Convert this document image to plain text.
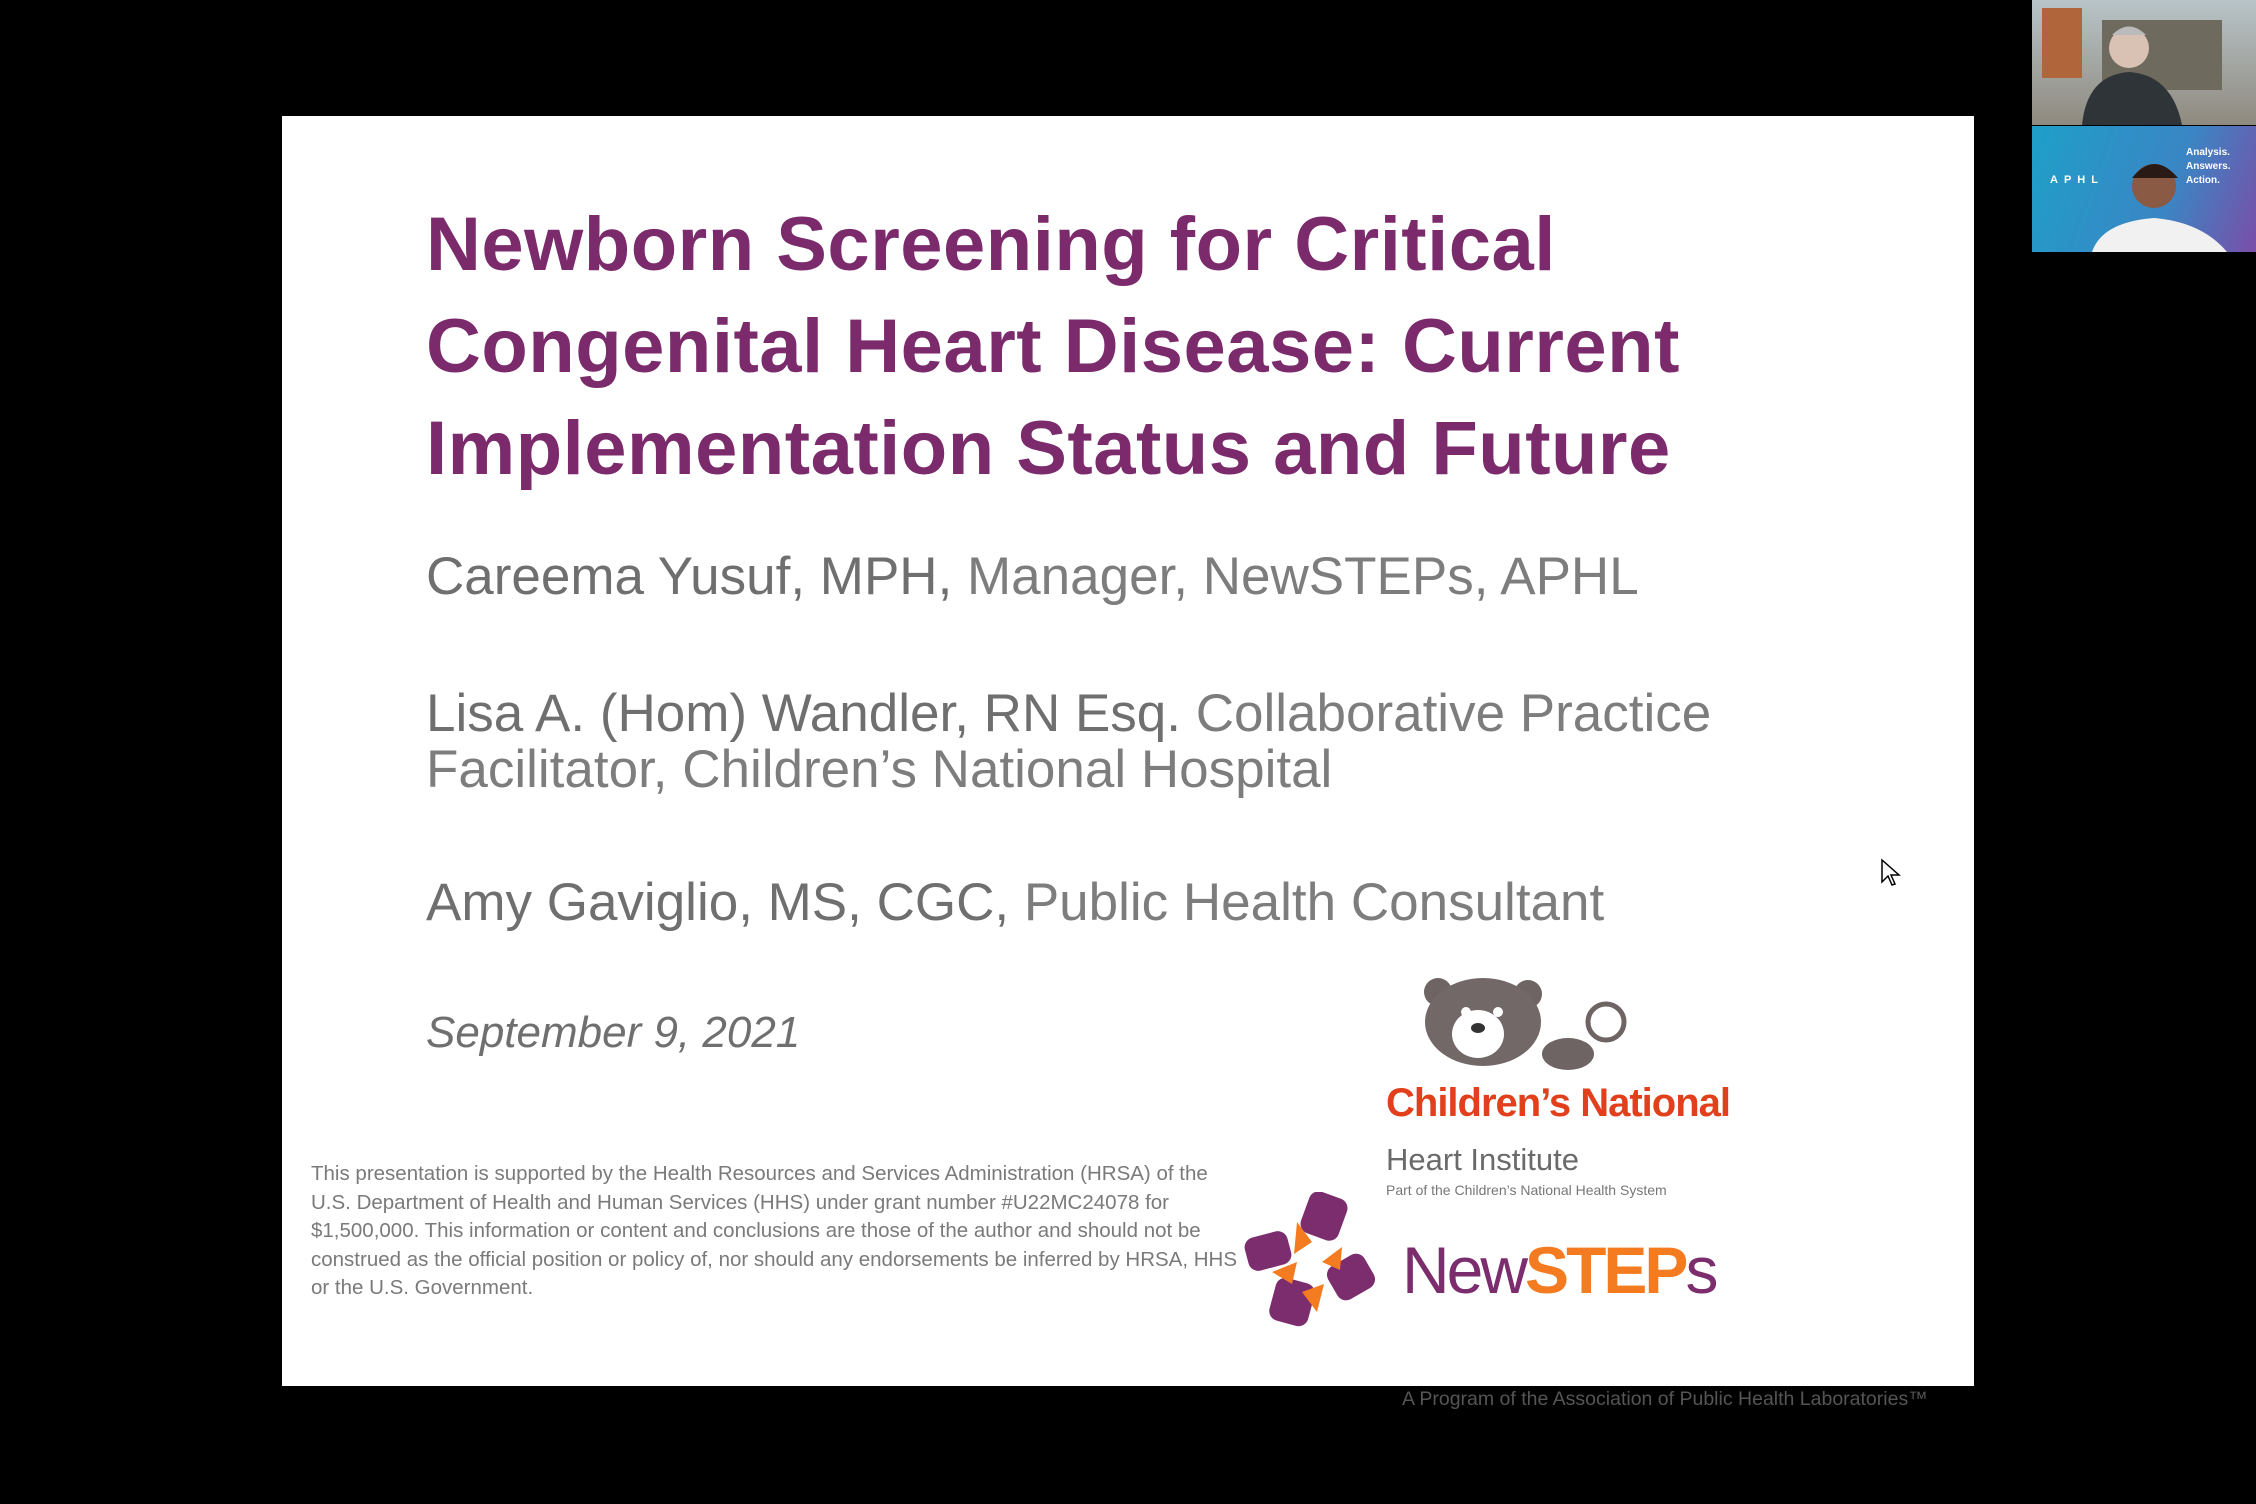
Newborn Screening for Critical
Congenital Heart Disease: Current
Implementation Status and Future
Careema Yusuf, MPH, Manager, NewSTEPs, APHL
Lisa A. (Hom) Wandler, RN Esq. Collaborative Practice Facilitator, Children’s National Hospital
Amy Gaviglio, MS, CGC, Public Health Consultant
September 9, 2021
This presentation is supported by the Health Resources and Services Administration (HRSA) of the U.S. Department of Health and Human Services (HHS) under grant number #U22MC24078 for $1,500,000. This information or content and conclusions are those of the author and should not be construed as the official position or policy of, nor should any endorsements be inferred by HRSA, HHS or the U.S. Government.
Children’s National
Heart Institute
Part of the Children’s National Health System
NewSTEPs
A Program of the Association of Public Health Laboratories™
APHL
Analysis.
Answers.
Action.
